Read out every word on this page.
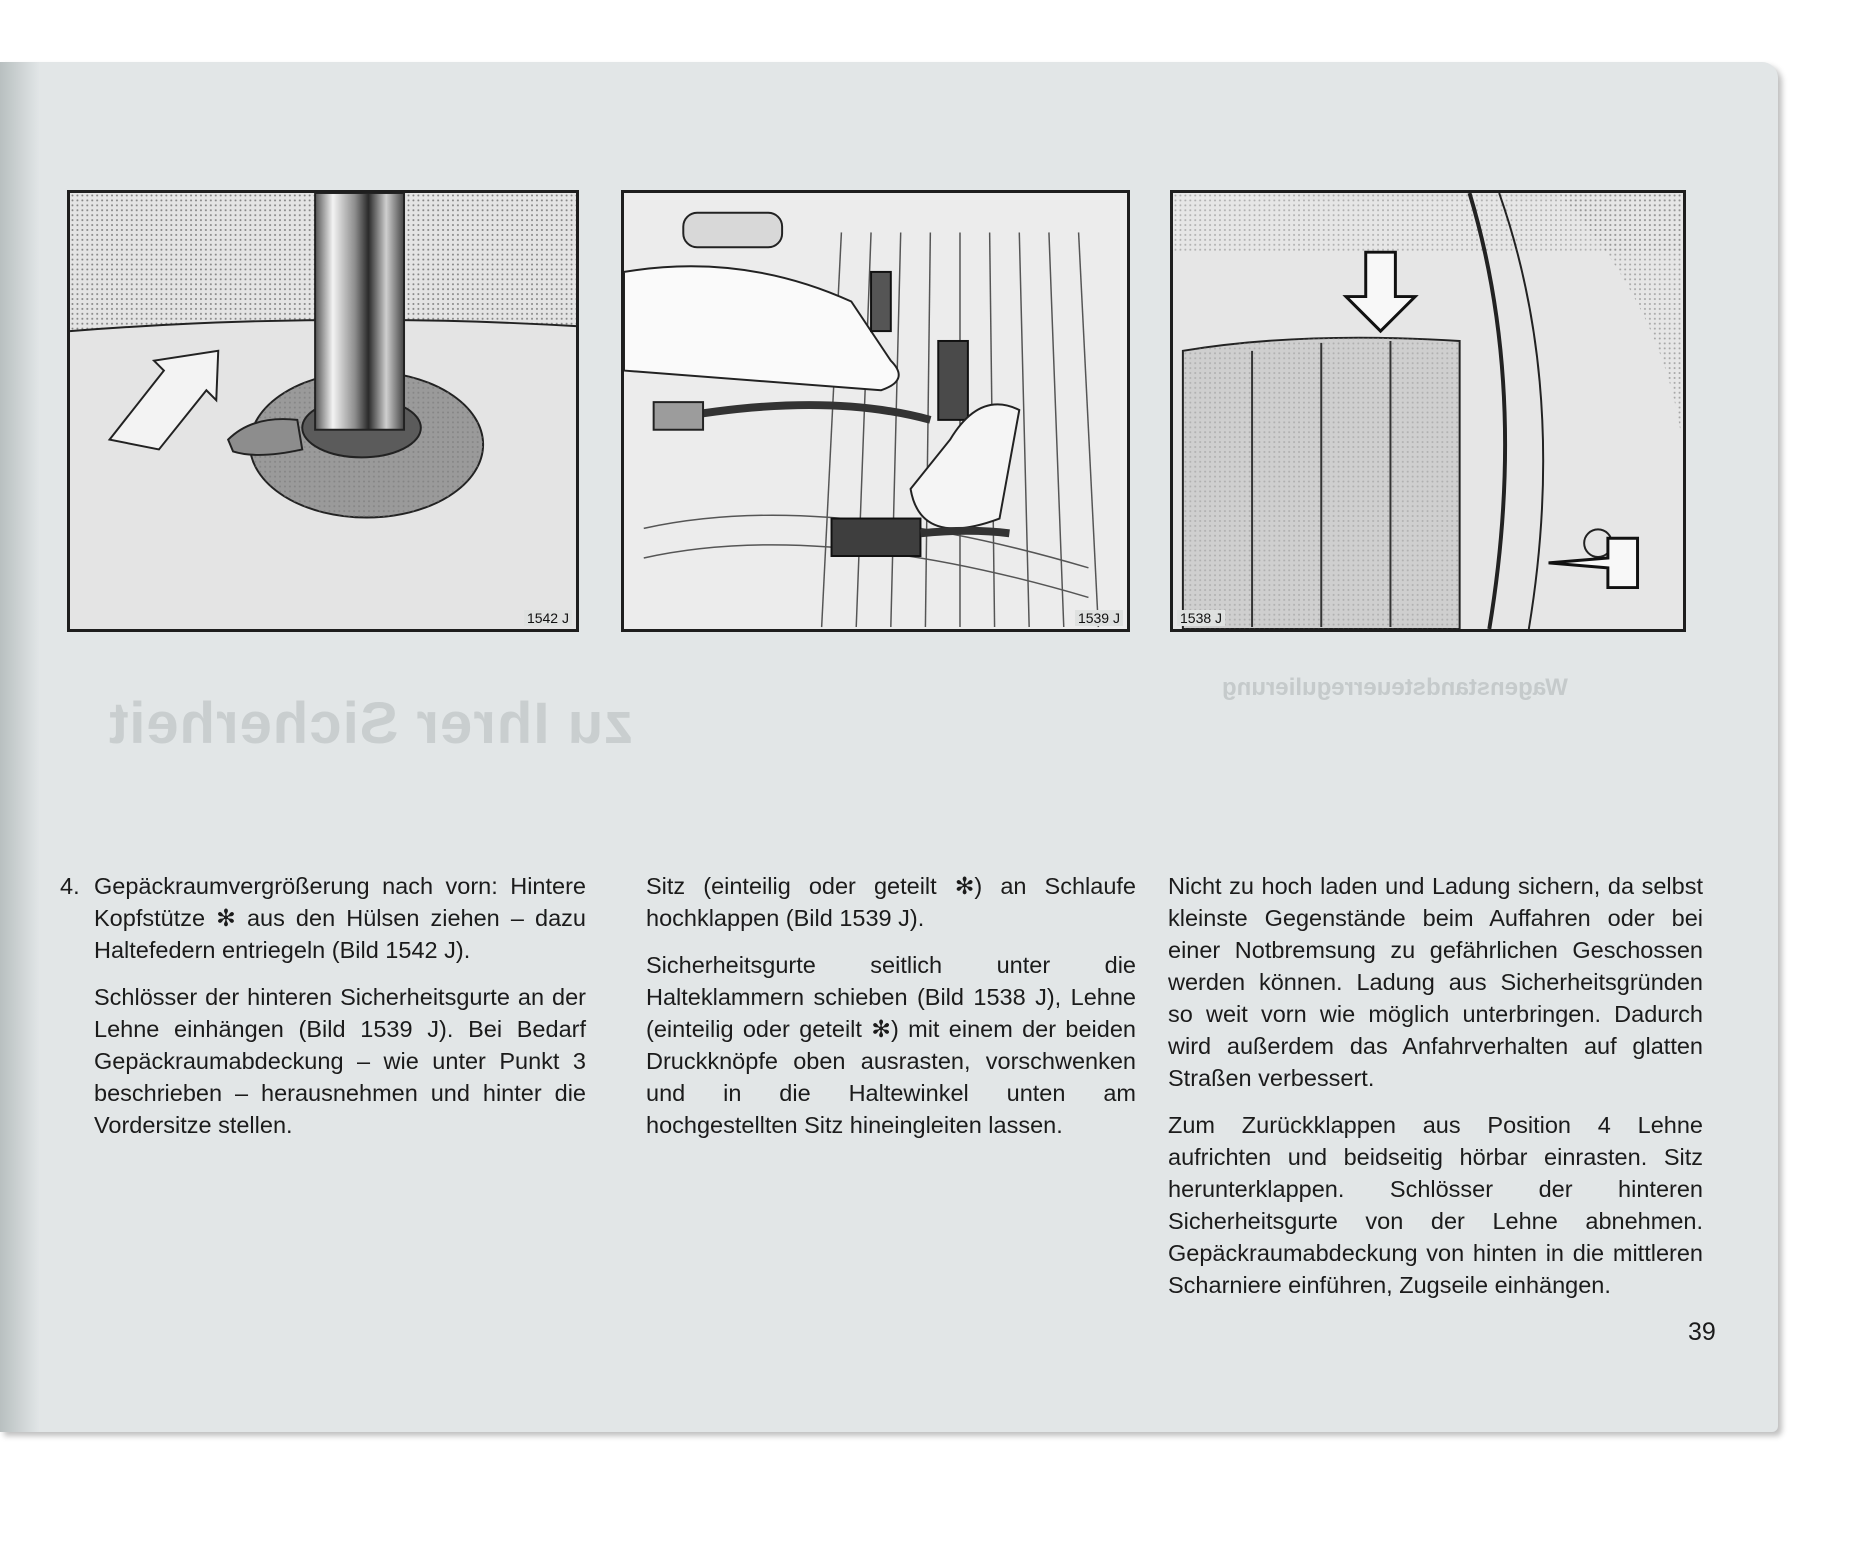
1542 J	1539 J	1538 J
zu Ihrer Sicherheit
Wagenstandsteuerregulierung

4. Gepäckraumvergrößerung nach vorn: Hintere Kopfstütze ✻ aus den Hülsen ziehen – dazu Haltefedern entriegeln (Bild 1542 J).

Schlösser der hinteren Sicherheitsgurte an der Lehne einhängen (Bild 1539 J). Bei Bedarf Gepäckraumabdeckung – wie unter Punkt 3 beschrieben – herausnehmen und hinter die Vordersitze stellen.

Sitz (einteilig oder geteilt ✻) an Schlaufe hochklappen (Bild 1539 J).

Sicherheitsgurte seitlich unter die Halteklammern schieben (Bild 1538 J), Lehne (einteilig oder geteilt ✻) mit einem der beiden Druckknöpfe oben ausrasten, vorschwenken und in die Haltewinkel unten am hochgestellten Sitz hineingleiten lassen.

Nicht zu hoch laden und Ladung sichern, da selbst kleinste Gegenstände beim Auffahren oder bei einer Notbremsung zu gefährlichen Geschossen werden können. Ladung aus Sicherheitsgründen so weit vorn wie möglich unterbringen. Dadurch wird außerdem das Anfahrverhalten auf glatten Straßen verbessert.

Zum Zurückklappen aus Position 4 Lehne aufrichten und beidseitig hörbar einrasten. Sitz herunterklappen. Schlösser der hinteren Sicherheitsgurte von der Lehne abnehmen. Gepäckraumabdeckung von hinten in die mittleren Scharniere einführen, Zugseile einhängen.

39
